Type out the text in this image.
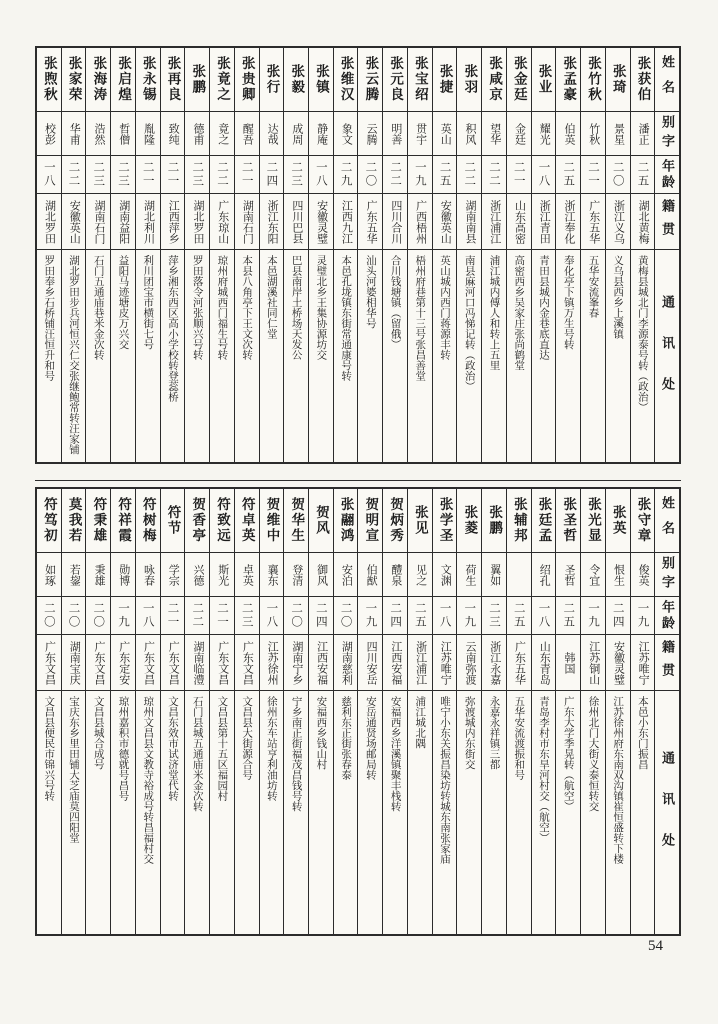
姓名
别字
年龄
籍贯
通讯处
张获伯
潘正
二五
湖北黄梅
黄梅县城北门李源泰号转（政治）
张琦
景星
二〇
浙江义乌
义乌县西乡上溪镇
张竹秋
竹秋
二一
广东五华
五华安流峯春
张孟豪
伯英
二五
浙江奉化
奉化亭下镇万生号转
张业
耀光
一八
浙江青田
青田县城内金巷底直达
张金廷
金廷
二一
山东高密
高密西乡吴家庄张尚鹤堂
张咸京
望华
二二
浙江浦江
浦江城内傅人和转上五里
张羽
积风
二二
湖南南县
南县麻河口冯悌记转（政治）
张捷
英山
二五
安徽英山
英山城内西门蒋源丰转
张宝绍
贯宇
一九
广西梧州
梧州府巷第十三号张昌善堂
张元良
明善
二二
四川合川
合川钱塘镇（留俄）
张云腾
云腾
二〇
广东五华
汕头河婆相华号
张维汉
象文
二九
江西九江
本邑孔垅镇东街常通康号转
张镇
静庵
一八
安徽灵璧
灵璧北乡王集协源坊交
张毅
成周
二三
四川巴县
巴县南岸土桥场天发公
张行
达哉
二四
浙江东阳
本邑湖溪社同仁堂
张贵卿
醒吾
二一
湖南石门
本县八角亭下王文次转
张竟之
竟之
二二
广东琼山
琼州府城西门福生号转
张鹏
德甫
二三
湖北罗田
罗田落令河张顺兴号转
张再良
致纯
二一
江西萍乡
萍乡湘东西区高小学校转登蕊桥
张永锡
胤隆
二一
湖北利川
利川团宝市横街七号
张启煌
哲僧
二三
湖南益阳
益阳马迹塘皮万兴交
张海涛
浩然
二三
湖南石门
石门五通庙巷米金次转
张家荣
华甫
二二
安徽英山
湖北罗田步兵河恒兴仁交张继鲍常转汪家铺
张煦秋
校彭
一八
湖北罗田
罗田奉乡石桥铺汪恒升和号
姓名
别字
年龄
籍贯
通讯处
张守章
俊英
一九
江苏唯宁
本邑小东门振昌
张英
恨生
二四
安徽灵璧
江苏徐州府东南双沟镇崔恒盛转下楼
张光显
令宜
一九
江苏铜山
徐州北门大街义泰恒转交
张圣哲
圣哲
二五
韩国
广东大学季晃转（航空）
张廷孟
绍孔
一八
山东青岛
青岛李村市东旱河村交（航空）
张辅邦
二五
广东五华
五华安流渡振和号
张鹏
翼如
二三
浙江永嘉
永嘉永祥镇三都
张菱
荷生
一九
云南弥渡
弥渡城内东街交
张学圣
文渊
一八
江苏唯宁
唯宁小东关振昌染坊转城东南张家庙
张见
见之
二五
浙江浦江
浦江城北隅
贺炳秀
醴泉
二四
江西安福
安福西乡洋溪镇聚丰栈转
贺明宣
伯猷
一九
四川安岳
安岳通贤场邮局转
张翮鸿
安泊
二〇
湖南慈利
慈利东正街张春泰
贺风
御风
二四
江西安福
安福西乡钱山村
贺华生
登清
二〇
湖南宁乡
宁乡南正街福茂昌钱号转
贺维中
襄东
一八
江苏徐州
徐州东车站亨利油坊转
符卓英
卓英
二三
广东文昌
文昌县大街源合号
符致远
斯光
二一
广东文昌
文昌县第十五区福园村
贺香亭
兴德
二二
湖南临澧
石门县城五通庙米金次转
符节
学宗
二一
广东文昌
文昌东效市试济堂代转
符树梅
咏春
一八
广东文昌
琼州文昌县文教寺裕成号转昌福村交
符祥霞
勋博
一九
广东定安
琼州嘉积市德就号昌号
符秉雄
秉雄
二〇
广东文昌
文昌县城合成号
莫我若
若鋆
二〇
湖南宝庆
宝庆东乡里田铺大芝庙莫四阳堂
符笃初
如琢
二〇
广东文昌
文昌县便民市锦兴号转
54
